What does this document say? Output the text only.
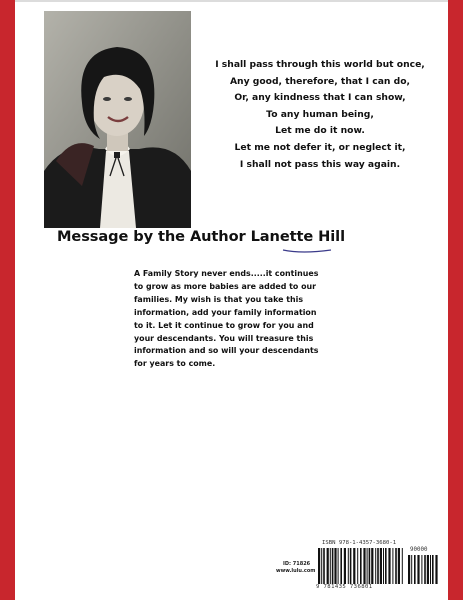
I shall pass through this world but once,
Any good, therefore, that I can do,
Or, any kindness that I can show,
To any human being,
Let me do it now.
Let me not defer it, or neglect it,
I shall not pass this way again.
Message by the Author Lanette Hill
A Family Story never ends.....it continues
to grow as more babies are added to our
families. My wish is that you take this
information, add your family information
to it. Let it continue to grow for you and
your descendants. You will treasure this
information and so will your descendants
for years to come.
ID: 71826
www.lulu.com
ISBN 978-1-4357-3680-1
90000
9 781435 736801
